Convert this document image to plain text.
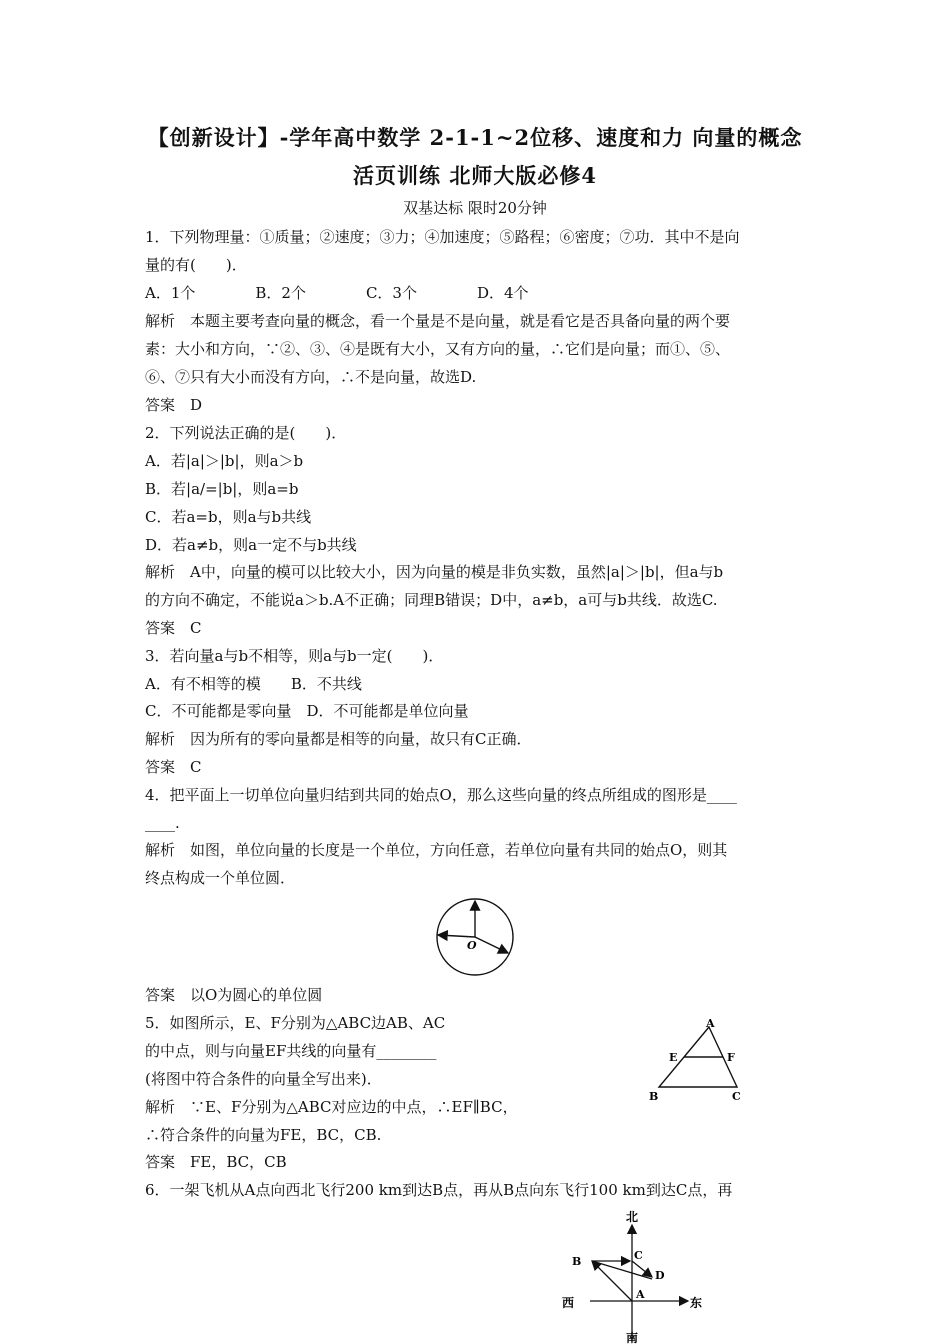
【创新设计】-学年高中数学 2-1-1~2位移、速度和力 向量的概念
活页训练 北师大版必修4
双基达标 限时20分钟
1．下列物理量：①质量；②速度；③力；④加速度；⑤路程；⑥密度；⑦功．其中不是向
量的有(　　)．
A．1个　　　　B．2个　　　　C．3个　　　　D．4个
解析　本题主要考查向量的概念，看一个量是不是向量，就是看它是否具备向量的两个要
素：大小和方向，∵②、③、④是既有大小，又有方向的量，∴它们是向量；而①、⑤、
⑥、⑦只有大小而没有方向，∴不是向量，故选D.
答案　D
2．下列说法正确的是(　　)．
A．若|a|＞|b|，则a＞b
B．若|a/=|b|，则a=b
C．若a=b，则a与b共线
D．若a≠b，则a一定不与b共线
解析　A中，向量的模可以比较大小，因为向量的模是非负实数，虽然|a|＞|b|，但a与b
的方向不确定，不能说a＞b.A不正确；同理B错误；D中，a≠b，a可与b共线．故选C.
答案　C
3．若向量a与b不相等，则a与b一定(　　)．
A．有不相等的模　　B．不共线
C．不可能都是零向量　D．不可能都是单位向量
解析　因为所有的零向量都是相等的向量，故只有C正确．
答案　C
4．把平面上一切单位向量归结到共同的始点O，那么这些向量的终点所组成的图形是____
____.
解析　如图，单位向量的长度是一个单位，方向任意，若单位向量有共同的始点O，则其
终点构成一个单位圆．
答案　以O为圆心的单位圆
5．如图所示，E、F分别为△ABC边AB、AC
的中点，则与向量EF共线的向量有________
(将图中符合条件的向量全写出来)．
解析　∵E、F分别为△ABC对应边的中点，∴EF∥BC，
∴符合条件的向量为FE，BC，CB.
答案　FE，BC，CB
6．一架飞机从A点向西北飞行200 km到达B点，再从B点向东飞行100 km到达C点，再
O
A
B	C
E	F
北
西	东
南
A
B	C
D
